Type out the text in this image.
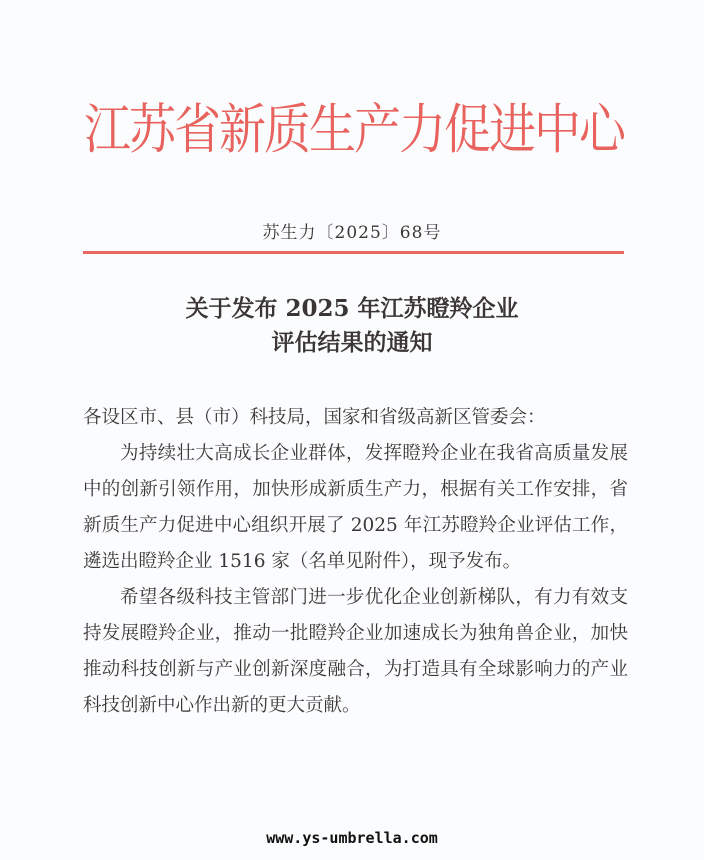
江苏省新质生产力促进中心
苏生力〔2025〕68号
关于发布 2025 年江苏瞪羚企业
评估结果的通知

各设区市、县（市）科技局，国家和省级高新区管委会：

为持续壮大高成长企业群体，发挥瞪羚企业在我省高质量发展中的创新引领作用，加快形成新质生产力，根据有关工作安排，省新质生产力促进中心组织开展了 2025 年江苏瞪羚企业评估工作，遴选出瞪羚企业 1516 家（名单见附件），现予发布。

希望各级科技主管部门进一步优化企业创新梯队，有力有效支持发展瞪羚企业，推动一批瞪羚企业加速成长为独角兽企业，加快推动科技创新与产业创新深度融合，为打造具有全球影响力的产业科技创新中心作出新的更大贡献。

www.ys-umbrella.com
